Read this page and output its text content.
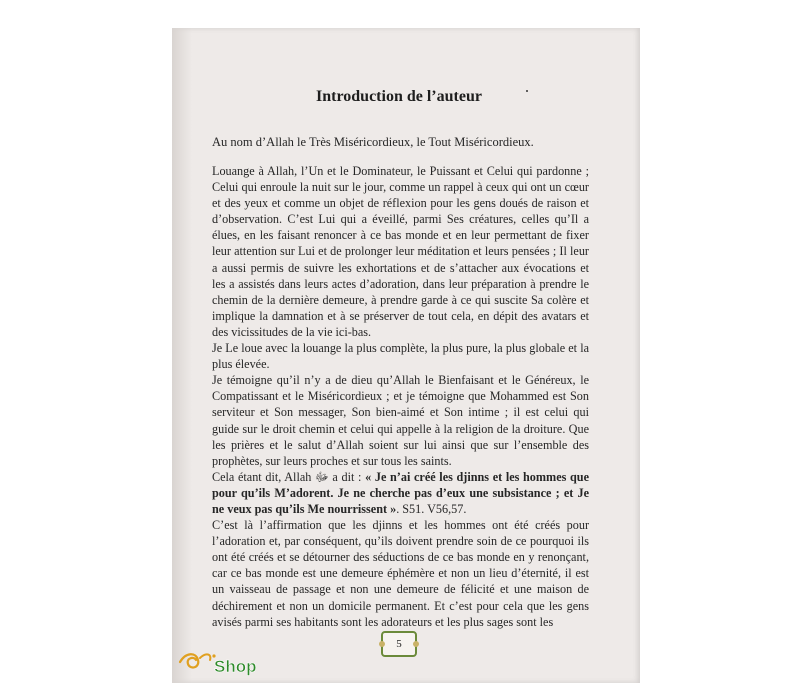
muslimshop.fr
Introduction de l’auteur
Au nom d’Allah le Très Miséricordieux, le Tout Miséricordieux.

Louange à Allah, l’Un et le Dominateur, le Puissant et Celui qui pardonne ; Celui qui enroule la nuit sur le jour, comme un rappel à ceux qui ont un cœur et des yeux et comme un objet de réflexion pour les gens doués de raison et d’observation. C’est Lui qui a éveillé, parmi Ses créatures, celles qu’Il a élues, en les faisant renoncer à ce bas monde et en leur permettant de fixer leur attention sur Lui et de prolonger leur méditation et leurs pensées ; Il leur a aussi permis de suivre les exhortations et de s’attacher aux évocations et les a assistés dans leurs actes d’adoration, dans leur préparation à prendre le chemin de la dernière demeure, à prendre garde à ce qui suscite Sa colère et implique la damnation et à se préserver de tout cela, en dépit des avatars et des vicissitudes de la vie ici-bas.

Je Le loue avec la louange la plus complète, la plus pure, la plus globale et la plus élevée.

Je témoigne qu’il n’y a de dieu qu’Allah le Bienfaisant et le Généreux, le Compatissant et le Miséricordieux ; et je témoigne que Mohammed est Son serviteur et Son messager, Son bien-aimé et Son intime ; il est celui qui guide sur le droit chemin et celui qui appelle à la religion de la droiture. Que les prières et le salut d’Allah soient sur lui ainsi que sur l’ensemble des prophètes, sur leurs proches et sur tous les saints.

Cela étant dit, Allah ﷻ a dit : « Je n’ai créé les djinns et les hommes que pour qu’ils M’adorent. Je ne cherche pas d’eux une subsistance ; et Je ne veux pas qu’ils Me nourrissent ». S51. V56,57.

C’est là l’affirmation que les djinns et les hommes ont été créés pour l’adoration et, par conséquent, qu’ils doivent prendre soin de ce pourquoi ils ont été créés et se détourner des séductions de ce bas monde en y renonçant, car ce bas monde est une demeure éphémère et non un lieu d’éternité, il est un vaisseau de passage et non une demeure de félicité et une maison de déchirement et non un domicile permanent. Et c’est pour cela que les gens avisés parmi ses habitants sont les adorateurs et les plus sages sont les

5
Shop
